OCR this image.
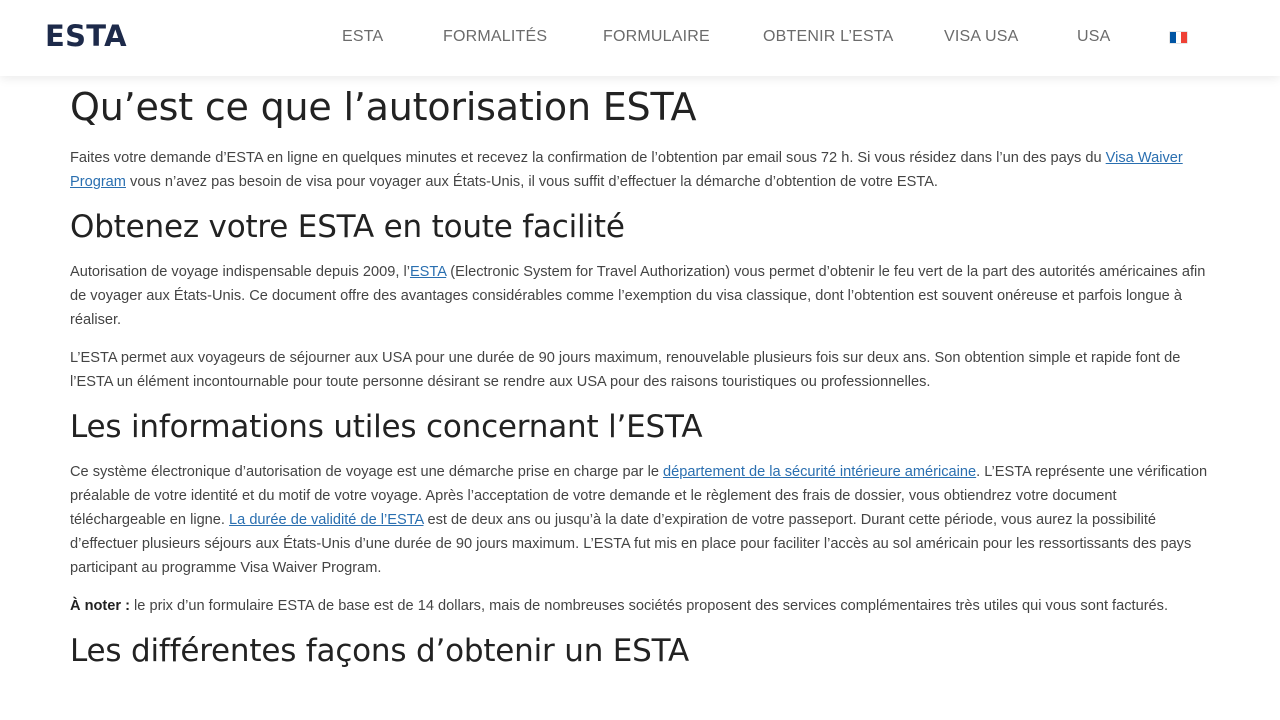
ESTA	ESTA	FORMALITÉS	FORMULAIRE	OBTENIR L’ESTA	VISA USA	USA
Qu’est ce que l’autorisation ESTA

Faites votre demande d’ESTA en ligne en quelques minutes et recevez la confirmation de l’obtention par email sous 72 h. Si vous résidez dans l’un des pays du Visa Waiver Program vous n’avez pas besoin de visa pour voyager aux États-Unis, il vous suffit d’effectuer la démarche d’obtention de votre ESTA.

Obtenez votre ESTA en toute facilité

Autorisation de voyage indispensable depuis 2009, l’ESTA (Electronic System for Travel Authorization) vous permet d’obtenir le feu vert de la part des autorités américaines afin de voyager aux États-Unis. Ce document offre des avantages considérables comme l’exemption du visa classique, dont l’obtention est souvent onéreuse et parfois longue à réaliser.

L’ESTA permet aux voyageurs de séjourner aux USA pour une durée de 90 jours maximum, renouvelable plusieurs fois sur deux ans. Son obtention simple et rapide font de l’ESTA un élément incontournable pour toute personne désirant se rendre aux USA pour des raisons touristiques ou professionnelles.

Les informations utiles concernant l’ESTA

Ce système électronique d’autorisation de voyage est une démarche prise en charge par le département de la sécurité intérieure américaine. L’ESTA représente une vérification préalable de votre identité et du motif de votre voyage. Après l’acceptation de votre demande et le règlement des frais de dossier, vous obtiendrez votre document téléchargeable en ligne. La durée de validité de l’ESTA est de deux ans ou jusqu’à la date d’expiration de votre passeport. Durant cette période, vous aurez la possibilité d’effectuer plusieurs séjours aux États-Unis d’une durée de 90 jours maximum. L’ESTA fut mis en place pour faciliter l’accès au sol américain pour les ressortissants des pays participant au programme Visa Waiver Program.

À noter : le prix d’un formulaire ESTA de base est de 14 dollars, mais de nombreuses sociétés proposent des services complémentaires très utiles qui vous sont facturés.

Les différentes façons d’obtenir un ESTA
